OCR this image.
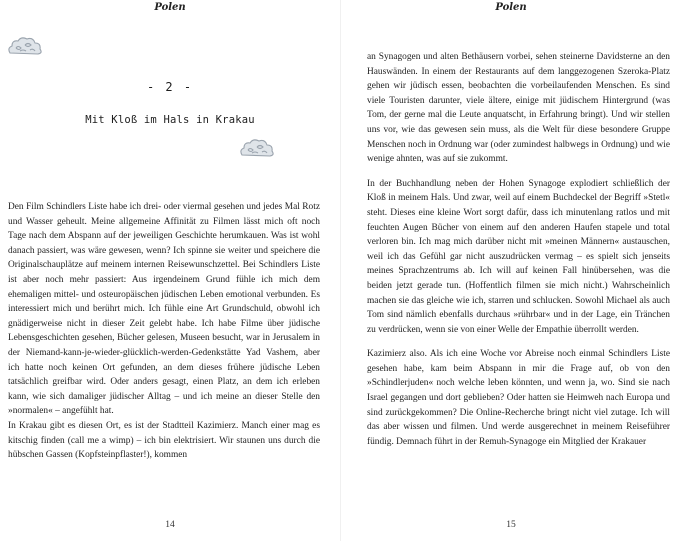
Polen
- 2 -
Mit Kloß im Hals in Krakau

Den Film Schindlers Liste habe ich drei- oder viermal gesehen und jedes Mal Rotz und Wasser geheult. Meine allgemeine Affinität zu Filmen lässt mich oft noch Tage nach dem Abspann auf der jeweiligen Geschichte herumkauen. Was ist wohl danach passiert, was wäre gewesen, wenn? Ich spinne sie weiter und speichere die Originalschauplätze auf meinem internen Reisewunschzettel. Bei Schindlers Liste ist aber noch mehr passiert: Aus irgendeinem Grund fühle ich mich dem ehemaligen mittel- und osteuropäischen jüdischen Leben emotional verbunden. Es interessiert mich und berührt mich. Ich fühle eine Art Grundschuld, obwohl ich gnädigerweise nicht in dieser Zeit gelebt habe. Ich habe Filme über jüdische Lebensgeschichten gesehen, Bücher gelesen, Museen besucht, war in Jerusalem in der Niemand-kann-je-wieder-glücklich-werden-Gedenkstätte Yad Vashem, aber ich hatte noch keinen Ort gefunden, an dem dieses frühere jüdische Leben tatsächlich greifbar wird. Oder anders gesagt, einen Platz, an dem ich erleben kann, wie sich damaliger jüdischer Alltag – und ich meine an dieser Stelle den »normalen« – angefühlt hat.

In Krakau gibt es diesen Ort, es ist der Stadtteil Kazimierz. Manch einer mag es kitschig finden (call me a wimp) – ich bin elektrisiert. Wir staunen uns durch die hübschen Gassen (Kopfsteinpflaster!), kommen

14
Polen

an Synagogen und alten Bethäusern vorbei, sehen steinerne Davidsterne an den Hauswänden. In einem der Restaurants auf dem langgezogenen Szeroka-Platz gehen wir jüdisch essen, beobachten die vorbeilaufenden Menschen. Es sind viele Touristen darunter, viele ältere, einige mit jüdischem Hintergrund (was Tom, der gerne mal die Leute anquatscht, in Erfahrung bringt). Und wir stellen uns vor, wie das gewesen sein muss, als die Welt für diese besondere Gruppe Menschen noch in Ordnung war (oder zumindest halbwegs in Ordnung) und wie wenige ahnten, was auf sie zukommt.

In der Buchhandlung neben der Hohen Synagoge explodiert schließlich der Kloß in meinem Hals. Und zwar, weil auf einem Buchdeckel der Begriff »Stetl« steht. Dieses eine kleine Wort sorgt dafür, dass ich minutenlang ratlos und mit feuchten Augen Bücher von einem auf den anderen Haufen stapele und total verloren bin. Ich mag mich darüber nicht mit »meinen Männern« austauschen, weil ich das Gefühl gar nicht auszudrücken vermag – es spielt sich jenseits meines Sprachzentrums ab. Ich will auf keinen Fall hinübersehen, was die beiden jetzt gerade tun. (Hoffentlich filmen sie mich nicht.) Wahrscheinlich machen sie das gleiche wie ich, starren und schlucken. Sowohl Michael als auch Tom sind nämlich ebenfalls durchaus »rührbar« und in der Lage, ein Tränchen zu verdrücken, wenn sie von einer Welle der Empathie überrollt werden.

Kazimierz also. Als ich eine Woche vor Abreise noch einmal Schindlers Liste gesehen habe, kam beim Abspann in mir die Frage auf, ob von den »Schindlerjuden« noch welche leben könnten, und wenn ja, wo. Sind sie nach Israel gegangen und dort geblieben? Oder hatten sie Heimweh nach Europa und sind zurückgekommen? Die Online-Recherche bringt nicht viel zutage. Ich will das aber wissen und filmen. Und werde ausgerechnet in meinem Reiseführer fündig. Demnach führt in der Remuh-Synagoge ein Mitglied der Krakauer

15
